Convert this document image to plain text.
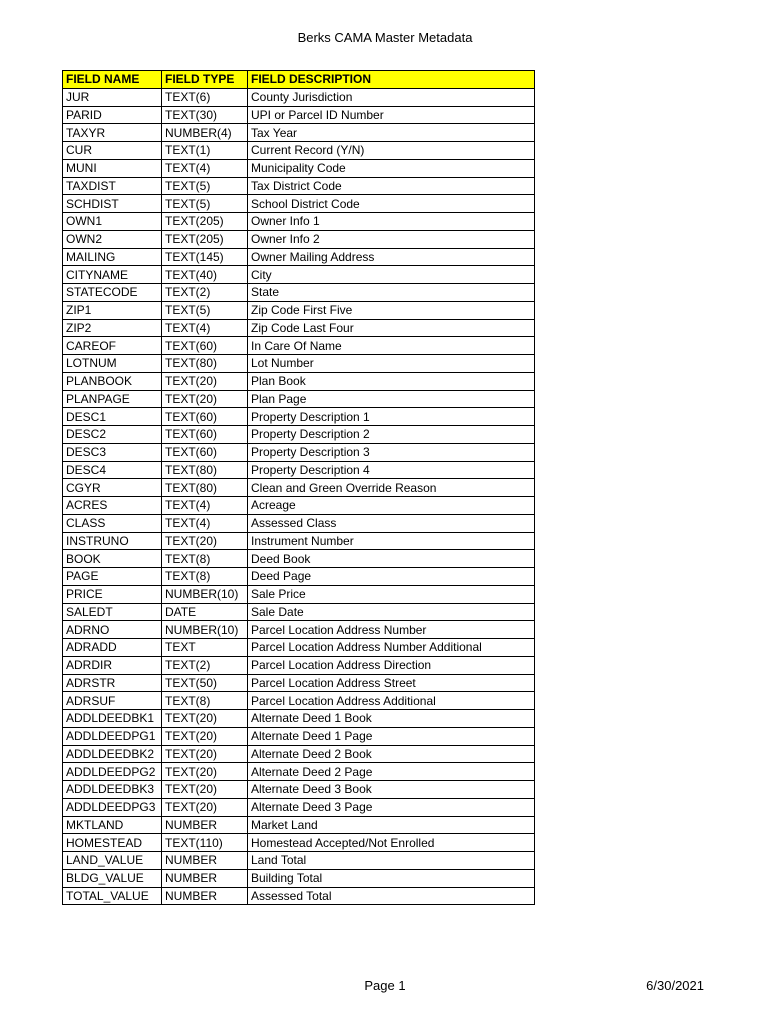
Berks CAMA Master Metadata
FIELD NAME	FIELD TYPE	FIELD DESCRIPTION
JUR	TEXT(6)	County Jurisdiction
PARID	TEXT(30)	UPI or Parcel ID Number
TAXYR	NUMBER(4)	Tax Year
CUR	TEXT(1)	Current Record (Y/N)
MUNI	TEXT(4)	Municipality Code
TAXDIST	TEXT(5)	Tax District Code
SCHDIST	TEXT(5)	School District Code
OWN1	TEXT(205)	Owner Info 1
OWN2	TEXT(205)	Owner Info 2
MAILING	TEXT(145)	Owner Mailing Address
CITYNAME	TEXT(40)	City
STATECODE	TEXT(2)	State
ZIP1	TEXT(5)	Zip Code First Five
ZIP2	TEXT(4)	Zip Code Last Four
CAREOF	TEXT(60)	In Care Of Name
LOTNUM	TEXT(80)	Lot Number
PLANBOOK	TEXT(20)	Plan Book
PLANPAGE	TEXT(20)	Plan Page
DESC1	TEXT(60)	Property Description 1
DESC2	TEXT(60)	Property Description 2
DESC3	TEXT(60)	Property Description 3
DESC4	TEXT(80)	Property Description 4
CGYR	TEXT(80)	Clean and Green Override Reason
ACRES	TEXT(4)	Acreage
CLASS	TEXT(4)	Assessed Class
INSTRUNO	TEXT(20)	Instrument Number
BOOK	TEXT(8)	Deed Book
PAGE	TEXT(8)	Deed Page
PRICE	NUMBER(10)	Sale Price
SALEDT	DATE	Sale Date
ADRNO	NUMBER(10)	Parcel Location Address Number
ADRADD	TEXT	Parcel Location Address Number Additional
ADRDIR	TEXT(2)	Parcel Location Address Direction
ADRSTR	TEXT(50)	Parcel Location Address Street
ADRSUF	TEXT(8)	Parcel Location Address Additional
ADDLDEEDBK1	TEXT(20)	Alternate Deed 1 Book
ADDLDEEDPG1	TEXT(20)	Alternate Deed 1 Page
ADDLDEEDBK2	TEXT(20)	Alternate Deed 2 Book
ADDLDEEDPG2	TEXT(20)	Alternate Deed 2 Page
ADDLDEEDBK3	TEXT(20)	Alternate Deed 3 Book
ADDLDEEDPG3	TEXT(20)	Alternate Deed 3 Page
MKTLAND	NUMBER	Market Land
HOMESTEAD	TEXT(110)	Homestead Accepted/Not Enrolled
LAND_VALUE	NUMBER	Land Total
BLDG_VALUE	NUMBER	Building Total
TOTAL_VALUE	NUMBER	Assessed Total
Page 1	6/30/2021
